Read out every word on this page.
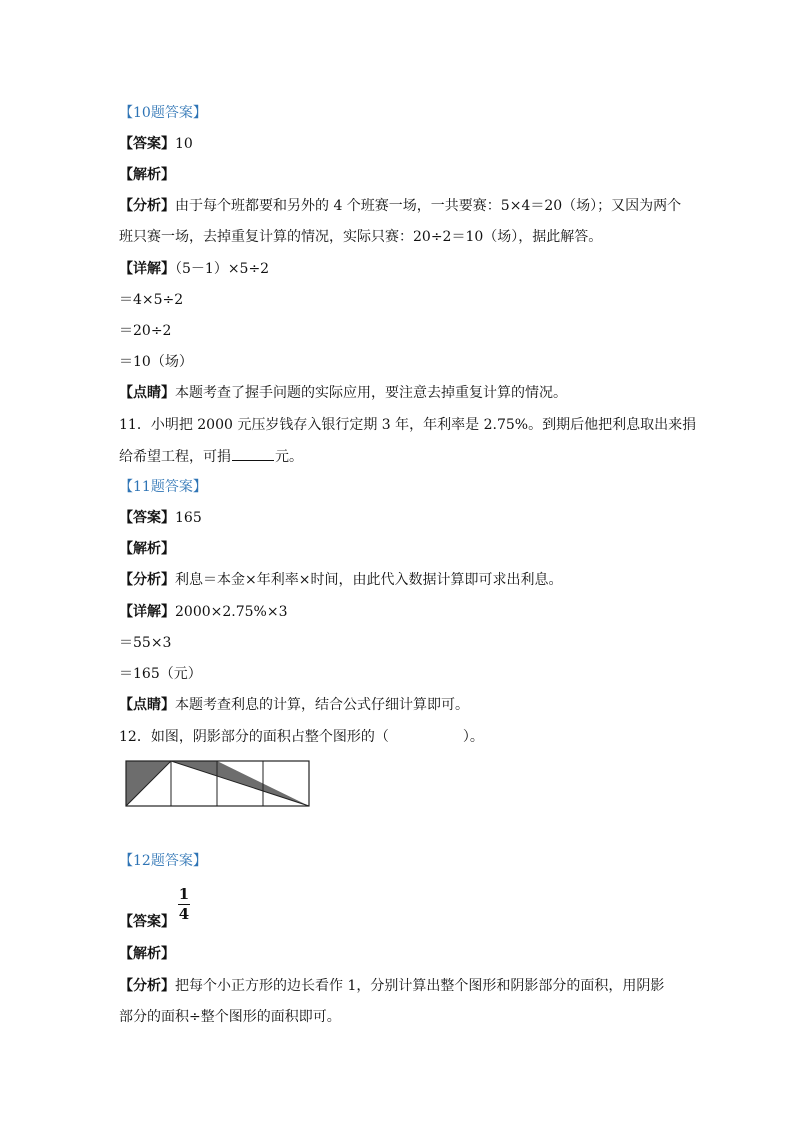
【10题答案】
【答案】10
【解析】
【分析】由于每个班都要和另外的 4 个班赛一场，一共要赛：5×4＝20（场）；又因为两个
班只赛一场，去掉重复计算的情况，实际只赛：20÷2＝10（场），据此解答。
【详解】（5－1）×5÷2
＝4×5÷2
＝20÷2
＝10（场）
【点睛】本题考查了握手问题的实际应用，要注意去掉重复计算的情况。
11．小明把 2000 元压岁钱存入银行定期 3 年，年利率是 2.75%。到期后他把利息取出来捐
给希望工程，可捐	元。
【11题答案】
【答案】165
【解析】
【分析】利息＝本金×年利率×时间，由此代入数据计算即可求出利息。
【详解】2000×2.75%×3
＝55×3
＝165（元）
【点睛】本题考查利息的计算，结合公式仔细计算即可。
12．如图，阴影部分的面积占整个图形的（	）。
【12题答案】
【答案】
1
4
【解析】
【分析】把每个小正方形的边长看作 1，分别计算出整个图形和阴影部分的面积，用阴影
部分的面积÷整个图形的面积即可。
